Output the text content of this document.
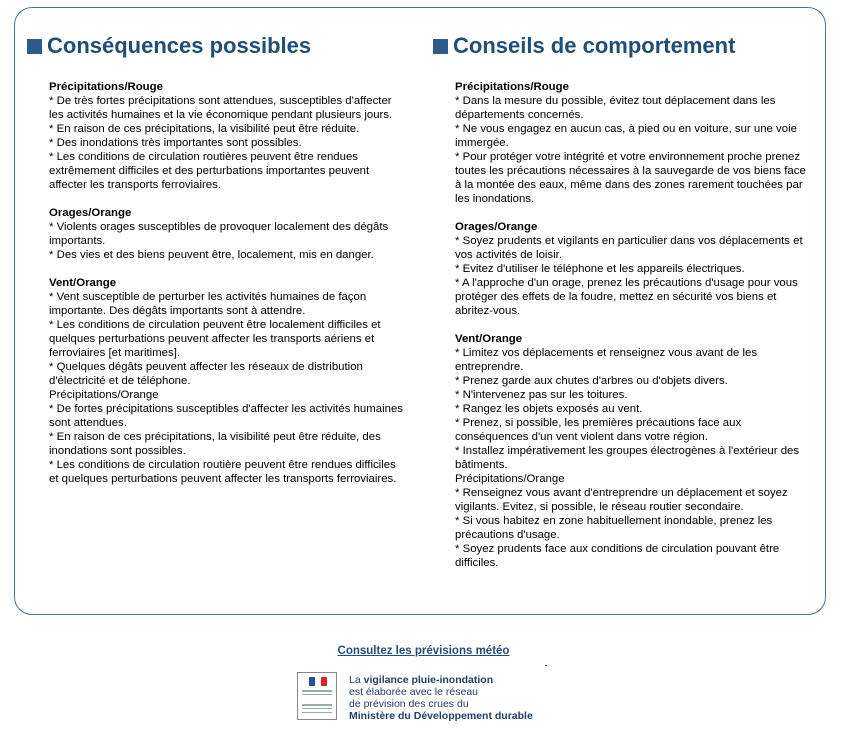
Conséquences possibles
Précipitations/Rouge
* De très fortes précipitations sont attendues, susceptibles d'affecter les activités humaines et la vie économique pendant plusieurs jours.
* En raison de ces précipitations, la visibilité peut être réduite.
* Des inondations très importantes sont possibles.
* Les conditions de circulation routières peuvent être rendues extrêmement difficiles et des perturbations importantes peuvent affecter les transports ferroviaires.
Orages/Orange
* Violents orages susceptibles de provoquer localement des dégâts importants.
* Des vies et des biens peuvent être, localement, mis en danger.
Vent/Orange
* Vent susceptible de perturber les activités humaines de façon importante. Des dégâts importants sont à attendre.
* Les conditions de circulation peuvent être localement difficiles et quelques perturbations peuvent affecter les transports aériens et ferroviaires [et maritimes].
* Quelques dégâts peuvent affecter les réseaux de distribution d'électricité et de téléphone.
Précipitations/Orange
* De fortes précipitations susceptibles d'affecter les activités humaines sont attendues.
* En raison de ces précipitations, la visibilité peut être réduite, des inondations sont possibles.
* Les conditions de circulation routière peuvent être rendues difficiles et quelques perturbations peuvent affecter les transports ferroviaires.
Conseils de comportement
Précipitations/Rouge
* Dans la mesure du possible, évitez tout déplacement dans les départements concernés.
* Ne vous engagez en aucun cas, à pied ou en voiture, sur une voie immergée.
* Pour protéger votre intégrité et votre environnement proche prenez toutes les précautions nécessaires à la sauvegarde de vos biens face à la montée des eaux, même dans des zones rarement touchées par les inondations.
Orages/Orange
* Soyez prudents et vigilants en particulier dans vos déplacements et vos activités de loisir.
* Evitez d'utiliser le téléphone et les appareils électriques.
* A l'approche d'un orage, prenez les précautions d'usage pour vous protéger des effets de la foudre, mettez en sécurité vos biens et abritez-vous.
Vent/Orange
* Limitez vos déplacements et renseignez vous avant de les entreprendre.
* Prenez garde aux chutes d'arbres ou d'objets divers.
* N'intervenez pas sur les toitures.
* Rangez les objets exposés au vent.
* Prenez, si possible, les premières précautions face aux conséquences d'un vent violent dans votre région.
* Installez impérativement les groupes électrogènes à l'extérieur des bâtiments.
Précipitations/Orange
* Renseignez vous avant d'entreprendre un déplacement et soyez vigilants. Evitez, si possible, le réseau routier secondaire.
* Si vous habitez en zone habituellement inondable, prenez les précautions d'usage.
* Soyez prudents face aux conditions de circulation pouvant être difficiles.
Consultez les prévisions météo
La vigilance pluie-inondation
est élaborée avec le réseau
de prévision des crues du
Ministère du Développement durable
